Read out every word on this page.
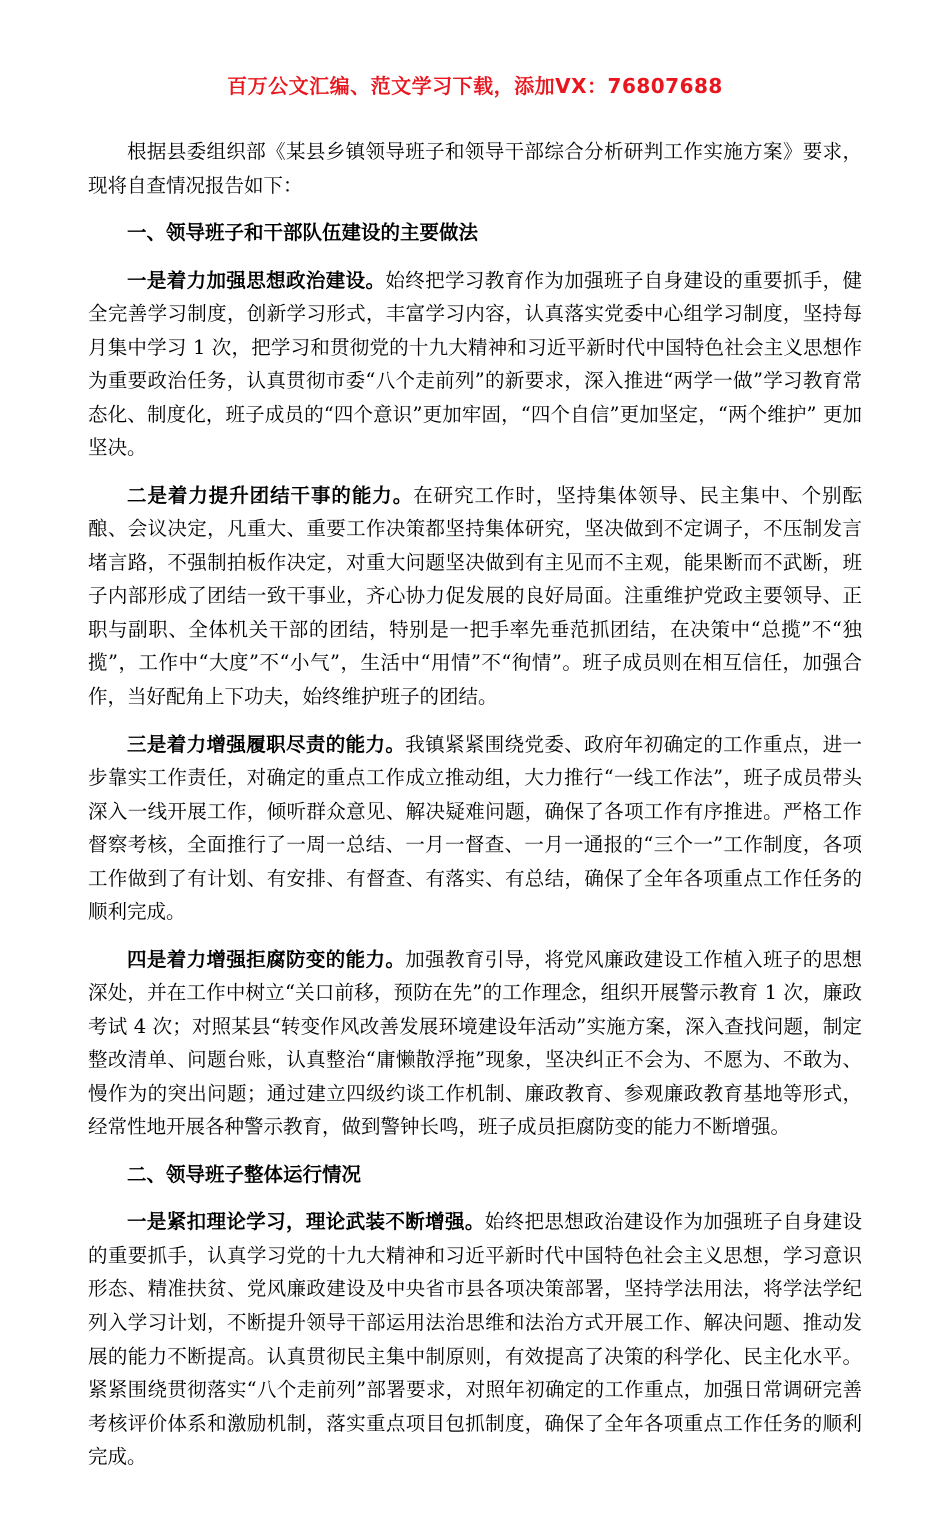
百万公文汇编、范文学习下载，添加VX：76807688

根据县委组织部《某县乡镇领导班子和领导干部综合分析研判工作实施方案》要求，现将自查情况报告如下：

一、领导班子和干部队伍建设的主要做法

一是着力加强思想政治建设。始终把学习教育作为加强班子自身建设的重要抓手，健全完善学习制度，创新学习形式，丰富学习内容，认真落实党委中心组学习制度，坚持每月集中学习 1 次，把学习和贯彻党的十九大精神和习近平新时代中国特色社会主义思想作为重要政治任务，认真贯彻市委“八个走前列”的新要求，深入推进“两学一做”学习教育常态化、制度化，班子成员的“四个意识”更加牢固，“四个自信”更加坚定，“两个维护” 更加坚决。

二是着力提升团结干事的能力。在研究工作时，坚持集体领导、民主集中、个别酝酿、会议决定，凡重大、重要工作决策都坚持集体研究，坚决做到不定调子，不压制发言堵言路，不强制拍板作决定，对重大问题坚决做到有主见而不主观，能果断而不武断，班子内部形成了团结一致干事业，齐心协力促发展的良好局面。注重维护党政主要领导、正职与副职、全体机关干部的团结，特别是一把手率先垂范抓团结，在决策中“总揽”不“独揽”，工作中“大度”不“小气”，生活中“用情”不“徇情”。班子成员则在相互信任，加强合作，当好配角上下功夫，始终维护班子的团结。

三是着力增强履职尽责的能力。我镇紧紧围绕党委、政府年初确定的工作重点，进一步靠实工作责任，对确定的重点工作成立推动组，大力推行“一线工作法”，班子成员带头深入一线开展工作，倾听群众意见、解决疑难问题，确保了各项工作有序推进。严格工作督察考核，全面推行了一周一总结、一月一督查、一月一通报的“三个一”工作制度，各项工作做到了有计划、有安排、有督查、有落实、有总结，确保了全年各项重点工作任务的顺利完成。

四是着力增强拒腐防变的能力。加强教育引导，将党风廉政建设工作植入班子的思想深处，并在工作中树立“关口前移，预防在先”的工作理念，组织开展警示教育 1 次，廉政考试 4 次；对照某县“转变作风改善发展环境建设年活动”实施方案，深入查找问题，制定整改清单、问题台账，认真整治“庸懒散浮拖”现象，坚决纠正不会为、不愿为、不敢为、慢作为的突出问题；通过建立四级约谈工作机制、廉政教育、参观廉政教育基地等形式，经常性地开展各种警示教育，做到警钟长鸣，班子成员拒腐防变的能力不断增强。

二、领导班子整体运行情况

一是紧扣理论学习，理论武装不断增强。始终把思想政治建设作为加强班子自身建设的重要抓手，认真学习党的十九大精神和习近平新时代中国特色社会主义思想，学习意识形态、精准扶贫、党风廉政建设及中央省市县各项决策部署，坚持学法用法，将学法学纪列入学习计划，不断提升领导干部运用法治思维和法治方式开展工作、解决问题、推动发展的能力不断提高。认真贯彻民主集中制原则，有效提高了决策的科学化、民主化水平。紧紧围绕贯彻落实“八个走前列”部署要求，对照年初确定的工作重点，加强日常调研完善考核评价体系和激励机制，落实重点项目包抓制度，确保了全年各项重点工作任务的顺利完成。
